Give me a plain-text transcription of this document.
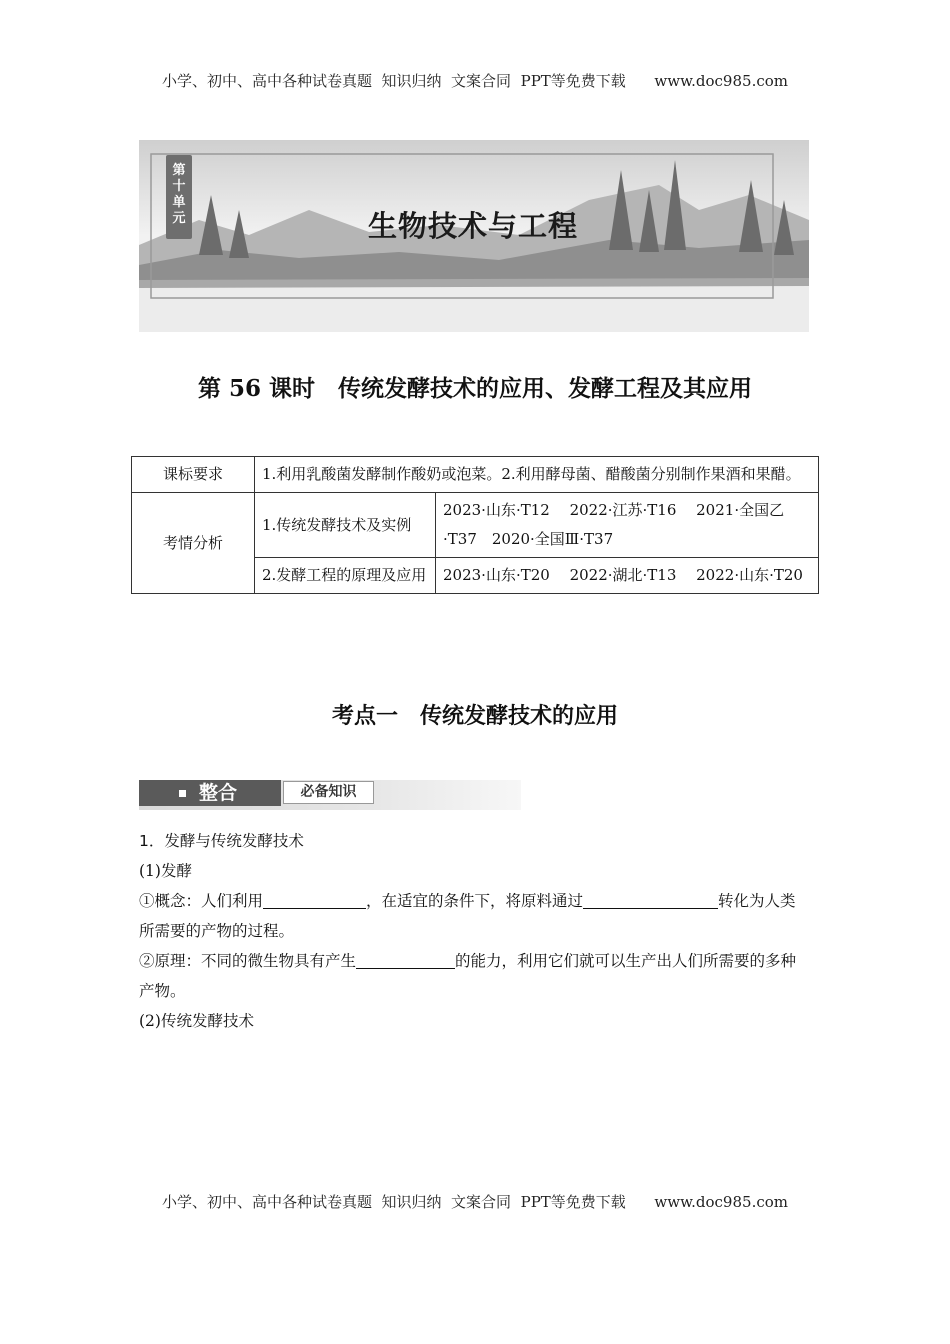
小学、初中、高中各种试卷真题  知识归纳  文案合同  PPT等免费下载      www.doc985.com
第十单元	生物技术与工程
第 56 课时　传统发酵技术的应用、发酵工程及其应用
课标要求	1.利用乳酸菌发酵制作酸奶或泡菜。2.利用酵母菌、醋酸菌分别制作果酒和果醋。	
考情分析	1.传统发酵技术及实例	2023·山东·T12　 2022·江苏·T16　 2021·全国乙·T37　2020·全国Ⅲ·T37
	2.发酵工程的原理及应用	2023·山东·T20　 2022·湖北·T13　 2022·山东·T20
考点一　传统发酵技术的应用
整合	必备知识
1．发酵与传统发酵技术
(1)发酵
①概念：人们利用	，在适宜的条件下，将原料通过	转化为人类所需要的产物的过程。
②原理：不同的微生物具有产生	的能力，利用它们就可以生产出人们所需要的多种产物。
(2)传统发酵技术
小学、初中、高中各种试卷真题  知识归纳  文案合同  PPT等免费下载      www.doc985.com
